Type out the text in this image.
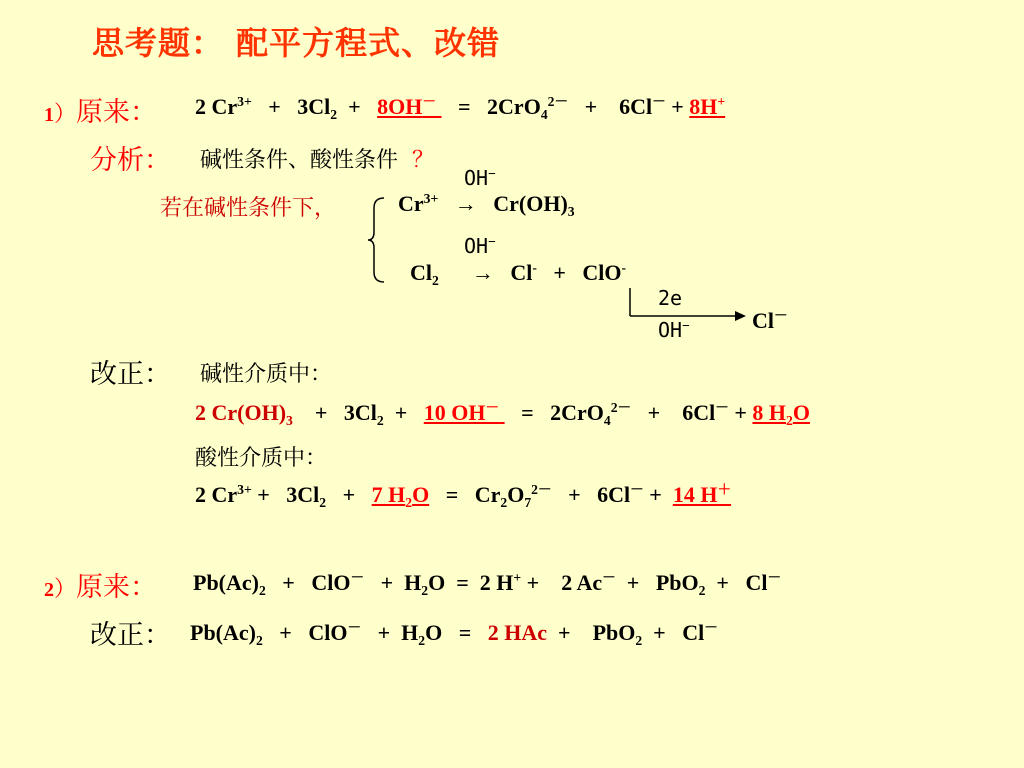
思考题： 配平方程式、改错
1）原来： 2 $Cr^{3+} + 3Cl_2 + 8OH^- = 2CrO_4^{2-} + 6Cl^- + 8H^+$
分析： 碱性条件、酸性条件 ？
OH−
若在碱性条件下，	$Cr^{3+} \to Cr(OH)_3$
OH−
$Cl_2 \to Cl^- + ClO^-$
2e
OH−	Cl－
改正： 碱性介质中：
2 $Cr(OH)_3 + 3Cl_2 + 10$ OH－ = 2CrO$_4^{2-}$ + 6Cl－ + 8 $H_2O$
酸性介质中：
2 $Cr^{3+} + 3Cl_2 + 7$ $H_2O = Cr_2O_7^{2-} + 6Cl^- + 14$ H＋
2）原来： $Pb(Ac)_2 + ClO^- + H_2O = 2$ H+ + 2 Ac－ + PbO$_2$ + Cl－
改正： $Pb(Ac)_2 + ClO^- + H_2O = 2$ HAc + PbO$_2$ + Cl－
